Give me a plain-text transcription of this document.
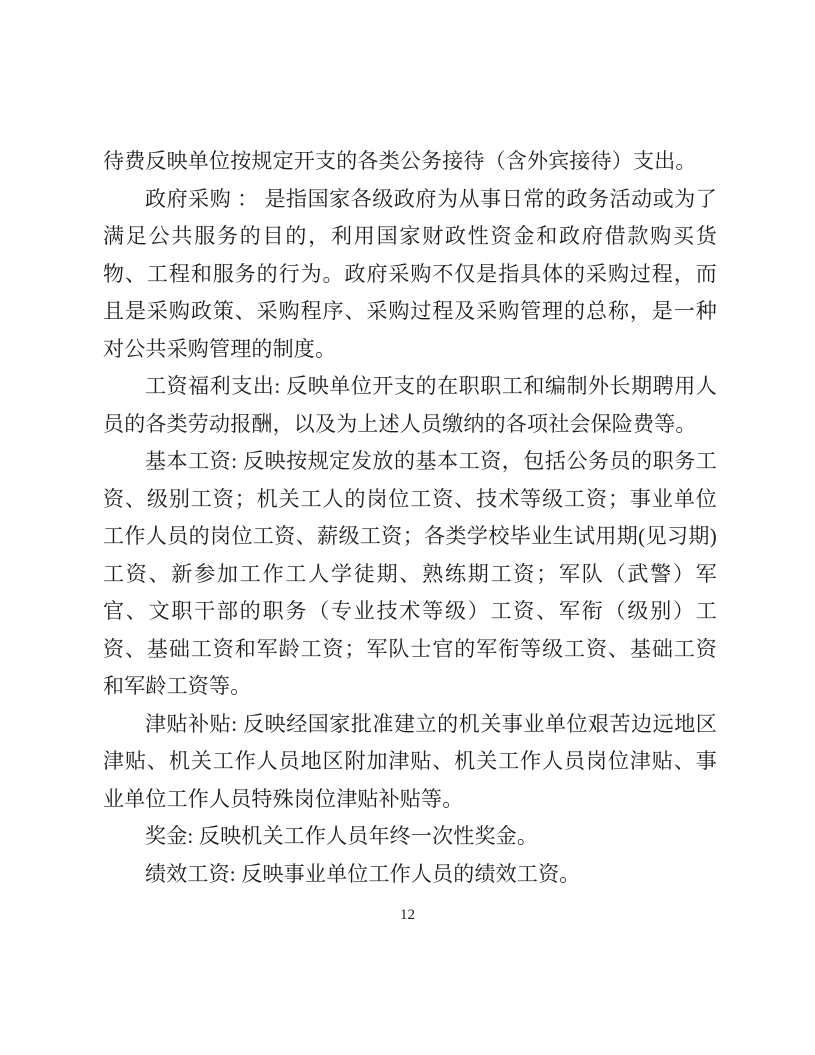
待费反映单位按规定开支的各类公务接待（含外宾接待）支出。

政府采购 ： 是指国家各级政府为从事日常的政务活动或为了满足公共服务的目的，利用国家财政性资金和政府借款购买货物、工程和服务的行为。政府采购不仅是指具体的采购过程，而且是采购政策、采购程序、采购过程及采购管理的总称，是一种对公共采购管理的制度。

工资福利支出: 反映单位开支的在职职工和编制外长期聘用人员的各类劳动报酬，以及为上述人员缴纳的各项社会保险费等。

基本工资: 反映按规定发放的基本工资，包括公务员的职务工资、级别工资；机关工人的岗位工资、技术等级工资；事业单位工作人员的岗位工资、薪级工资；各类学校毕业生试用期(见习期)工资、新参加工作工人学徒期、熟练期工资；军队（武警）军官、文职干部的职务（专业技术等级）工资、军衔（级别）工资、基础工资和军龄工资；军队士官的军衔等级工资、基础工资和军龄工资等。

津贴补贴: 反映经国家批准建立的机关事业单位艰苦边远地区津贴、机关工作人员地区附加津贴、机关工作人员岗位津贴、事业单位工作人员特殊岗位津贴补贴等。

奖金: 反映机关工作人员年终一次性奖金。

绩效工资: 反映事业单位工作人员的绩效工资。

12
